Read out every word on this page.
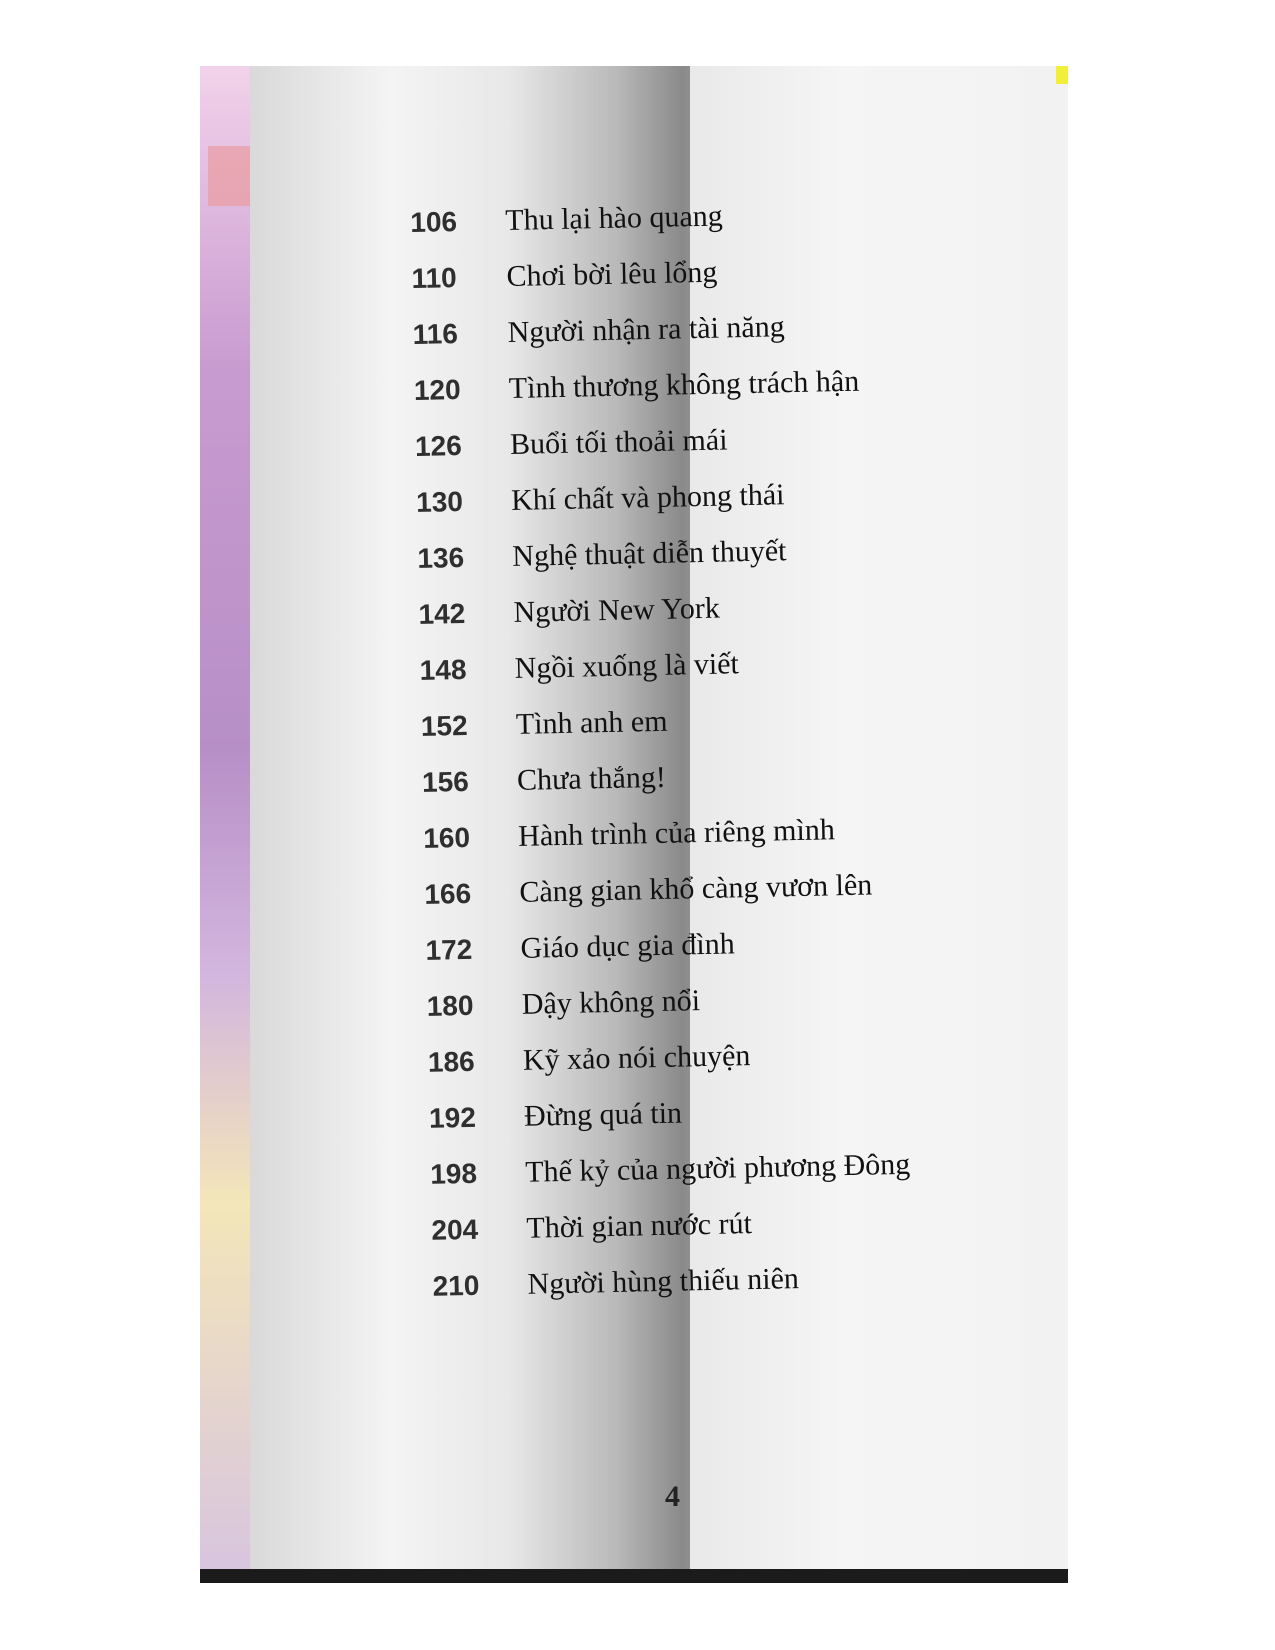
106	Thu lại hào quang
110	Chơi bời lêu lổng
116	Người nhận ra tài năng
120	Tình thương không trách hận
126	Buổi tối thoải mái
130	Khí chất và phong thái
136	Nghệ thuật diễn thuyết
142	Người New York
148	Ngồi xuống là viết
152	Tình anh em
156	Chưa thắng!
160	Hành trình của riêng mình
166	Càng gian khổ càng vươn lên
172	Giáo dục gia đình
180	Dậy không nổi
186	Kỹ xảo nói chuyện
192	Đừng quá tin
198	Thế kỷ của người phương Đông
204	Thời gian nước rút
210	Người hùng thiếu niên
4
